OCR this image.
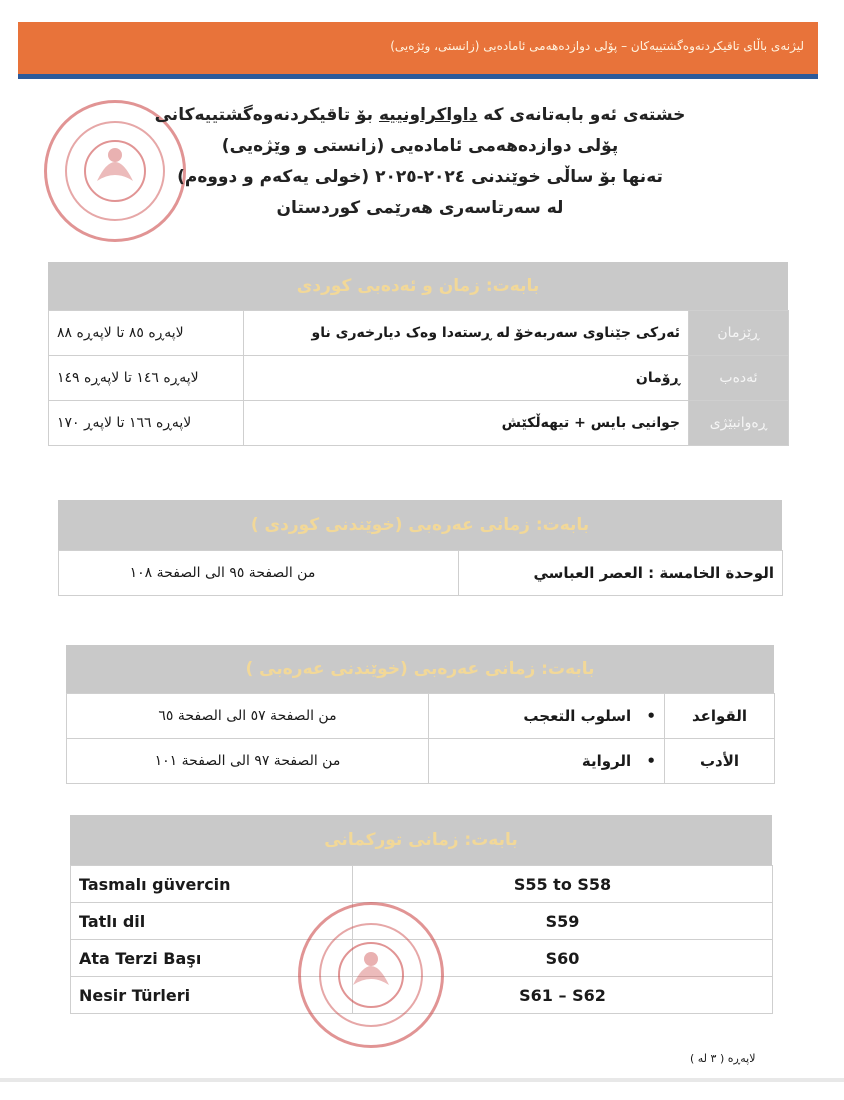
لیژنەی باڵای تاقیکردنەوەگشتییەکان – پۆلی دوازدەهەمی ئامادەیی (زانستی، وێژەیی)
خشتەی ئەو بابەتانەی کە داواکراونییە بۆ تاقیکردنەوەگشتییەکانی
پۆلی دوازدەهەمی ئامادەیی (زانستی و وێژەیی)
تەنها بۆ ساڵی خوێندنی ٢٠٢٤-٢٠٢٥ (خولی یەکەم و دووەم)
لە سەرتاسەری هەرێمی کوردستان
بابەت: زمان و ئەدەبی کوردی
ڕێزمان	ئەرکی جێناوی سەربەخۆ لە ڕستەدا وەک دیارخەری ناو	لاپەڕە ٨٥ تا لاپەڕە ٨٨
ئەدەب	ڕۆمان	لاپەڕە ١٤٦ تا لاپەڕە ١٤٩
ڕەوانبێژی	جوانیی بایس + تیهەڵکێش	لاپەڕە ١٦٦ تا لاپەڕ ١٧٠
بابەت: زمانی عەرەبی (خوێندنی کوردی )
الوحدة الخامسة : العصر العباسي	من الصفحة ٩٥ الى الصفحة ١٠٨
بابەت: زمانی عەرەبی (خوێندنی عەرەبی )
القواعد	• اسلوب التعجب	من الصفحة ٥٧ الى الصفحة ٦٥
الأدب	• الرواية	من الصفحة ٩٧ الى الصفحة ١٠١
بابەت: زمانی تورکمانی
Tasmalı güvercin	S55 to S58
Tatlı dil	S59
Ata Terzi Başı	S60
Nesir Türleri	S61 – S62
لاپەڕە ( ٣ لە )
